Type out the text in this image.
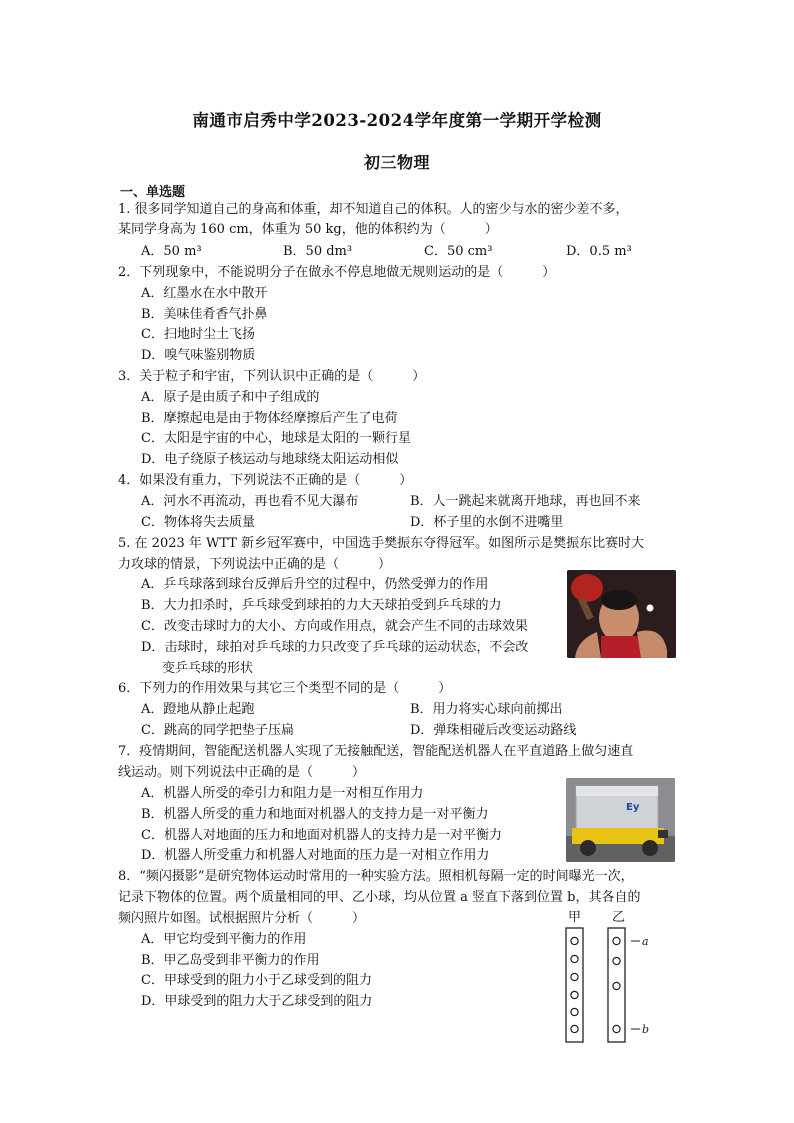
南通市启秀中学2023-2024学年度第一学期开学检测
初三物理
一、单选题
1. 很多同学知道自己的身高和体重，却不知道自己的体积。人的密少与水的密少差不多，
某同学身高为 160 cm，体重为 50 kg，他的体积约为（　　　）
A．50 m³	B．50 dm³	C．50 cm³	D．0.5 m³
2．下列现象中，不能说明分子在做永不停息地做无规则运动的是（　　　）
A．红墨水在水中散开
B．美味佳肴香气扑鼻
C．扫地时尘土飞扬
D．嗅气味鉴别物质
3．关于粒子和宇宙，下列认识中正确的是（　　　）
A．原子是由质子和中子组成的
B．摩擦起电是由于物体经摩擦后产生了电荷
C．太阳是宇宙的中心，地球是太阳的一颗行星
D．电子绕原子核运动与地球绕太阳运动相似
4．如果没有重力，下列说法不正确的是（　　　）
A．河水不再流动，再也看不见大瀑布	B．人一跳起来就离开地球，再也回不来
C．物体将失去质量	D．杯子里的水倒不进嘴里
5. 在 2023 年 WTT 新乡冠军赛中，中国选手樊振东夺得冠军。如图所示是樊振东比赛时大
力攻球的情景，下列说法中正确的是（　　　）
A．乒乓球落到球台反弹后升空的过程中，仍然受弹力的作用
B．大力扣杀时，乒乓球受到球拍的力大天球拍受到乒乓球的力
C．改变击球时力的大小、方向或作用点，就会产生不同的击球效果
D．击球时，球拍对乒乓球的力只改变了乒乓球的运动状态，不会改
变乒乓球的形状
6．下列力的作用效果与其它三个类型不同的是（　　　）
A．蹬地从静止起跑	B．用力将实心球向前掷出
C．跳高的同学把垫子压扁	D．弹珠相碰后改变运动路线
7．疫情期间，智能配送机器人实现了无接触配送，智能配送机器人在平直道路上做匀速直
线运动。则下列说法中正确的是（　　　）
A．机器人所受的牵引力和阻力是一对相互作用力
B．机器人所受的重力和地面对机器人的支持力是一对平衡力
C．机器人对地面的压力和地面对机器人的支持力是一对平衡力
D．机器人所受重力和机器人对地面的压力是一对相立作用力
Ey
8．“频闪摄影”是研究物体运动时常用的一种实验方法。照相机每隔一定的时间曝光一次，
记录下物体的位置。两个质量相同的甲、乙小球，均从位置 a 竖直下落到位置 b，其各自的
频闪照片如图。试根据照片分析（　　　）
A．甲它均受到平衡力的作用
B．甲乙岛受到非平衡力的作用
C．甲球受到的阻力小于乙球受到的阻力
D．甲球受到的阻力大于乙球受到的阻力
甲 乙
a
b
